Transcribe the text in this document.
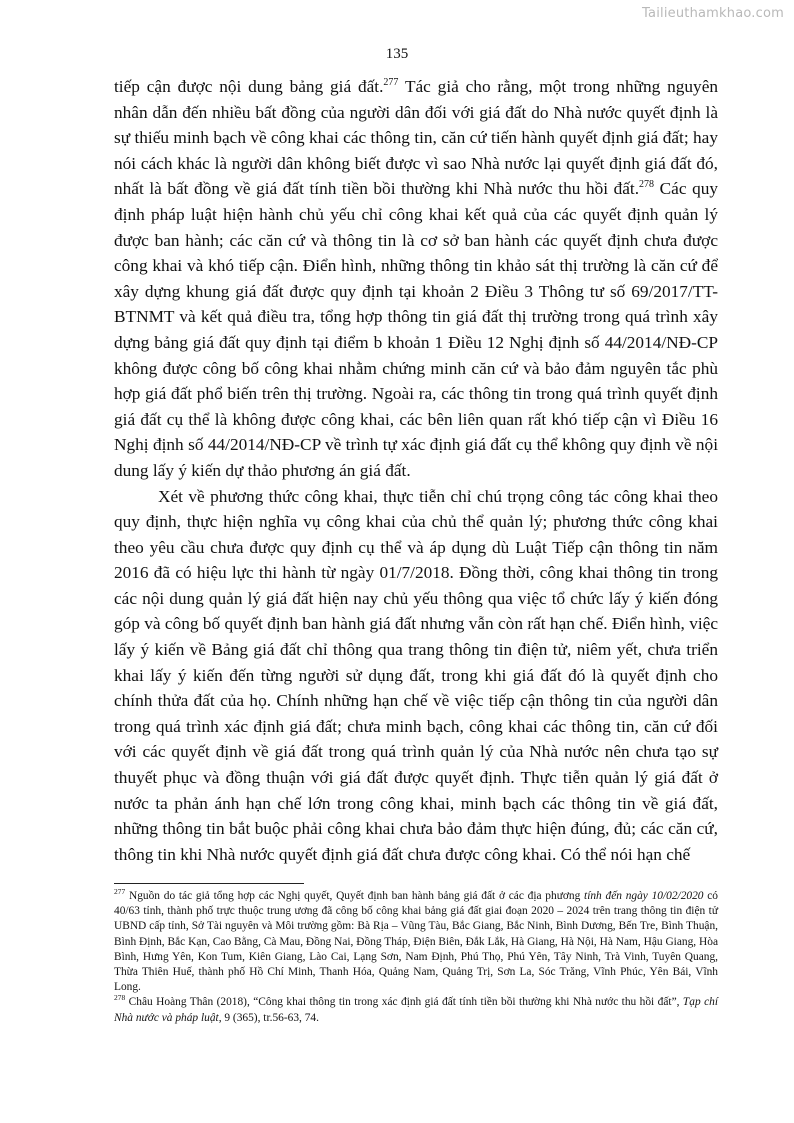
Tailieuthamkhao.com
135

tiếp cận được nội dung bảng giá đất.$^{277}$ Tác giả cho rằng, một trong những nguyên nhân dẫn đến nhiều bất đồng của người dân đối với giá đất do Nhà nước quyết định là sự thiếu minh bạch về công khai các thông tin, căn cứ tiến hành quyết định giá đất; hay nói cách khác là người dân không biết được vì sao Nhà nước lại quyết định giá đất đó, nhất là bất đồng về giá đất tính tiền bồi thường khi Nhà nước thu hồi đất.$^{278}$ Các quy định pháp luật hiện hành chủ yếu chỉ công khai kết quả của các quyết định quản lý được ban hành; các căn cứ và thông tin là cơ sở ban hành các quyết định chưa được công khai và khó tiếp cận. Điển hình, những thông tin khảo sát thị trường là căn cứ để xây dựng khung giá đất được quy định tại khoản 2 Điều 3 Thông tư số 69/2017/TT-BTNMT và kết quả điều tra, tổng hợp thông tin giá đất thị trường trong quá trình xây dựng bảng giá đất quy định tại điểm b khoản 1 Điều 12 Nghị định số 44/2014/NĐ-CP không được công bố công khai nhằm chứng minh căn cứ và bảo đảm nguyên tắc phù hợp giá đất phổ biến trên thị trường. Ngoài ra, các thông tin trong quá trình quyết định giá đất cụ thể là không được công khai, các bên liên quan rất khó tiếp cận vì Điều 16 Nghị định số 44/2014/NĐ-CP về trình tự xác định giá đất cụ thể không quy định về nội dung lấy ý kiến dự thảo phương án giá đất.

Xét về phương thức công khai, thực tiễn chỉ chú trọng công tác công khai theo quy định, thực hiện nghĩa vụ công khai của chủ thể quản lý; phương thức công khai theo yêu cầu chưa được quy định cụ thể và áp dụng dù Luật Tiếp cận thông tin năm 2016 đã có hiệu lực thi hành từ ngày 01/7/2018. Đồng thời, công khai thông tin trong các nội dung quản lý giá đất hiện nay chủ yếu thông qua việc tổ chức lấy ý kiến đóng góp và công bố quyết định ban hành giá đất nhưng vẫn còn rất hạn chế. Điển hình, việc lấy ý kiến về Bảng giá đất chỉ thông qua trang thông tin điện tử, niêm yết, chưa triển khai lấy ý kiến đến từng người sử dụng đất, trong khi giá đất đó là quyết định cho chính thửa đất của họ. Chính những hạn chế về việc tiếp cận thông tin của người dân trong quá trình xác định giá đất; chưa minh bạch, công khai các thông tin, căn cứ đối với các quyết định về giá đất trong quá trình quản lý của Nhà nước nên chưa tạo sự thuyết phục và đồng thuận với giá đất được quyết định. Thực tiễn quản lý giá đất ở nước ta phản ánh hạn chế lớn trong công khai, minh bạch các thông tin về giá đất, những thông tin bắt buộc phải công khai chưa bảo đảm thực hiện đúng, đủ; các căn cứ, thông tin khi Nhà nước quyết định giá đất chưa được công khai. Có thể nói hạn chế

$^{277}$ Nguồn do tác giả tổng hợp các Nghị quyết, Quyết định ban hành bảng giá đất ở các địa phương tính đến ngày 10/02/2020 có 40/63 tỉnh, thành phố trực thuộc trung ương đã công bố công khai bảng giá đất giai đoạn 2020 – 2024 trên trang thông tin điện tử UBND cấp tỉnh, Sở Tài nguyên và Môi trường gồm: Bà Rịa – Vũng Tàu, Bắc Giang, Bắc Ninh, Bình Dương, Bến Tre, Bình Thuận, Bình Định, Bắc Kạn, Cao Bằng, Cà Mau, Đồng Nai, Đồng Tháp, Điện Biên, Đắk Lắk, Hà Giang, Hà Nội, Hà Nam, Hậu Giang, Hòa Bình, Hưng Yên, Kon Tum, Kiên Giang, Lào Cai, Lạng Sơn, Nam Định, Phú Thọ, Phú Yên, Tây Ninh, Trà Vinh, Tuyên Quang, Thừa Thiên Huế, thành phố Hồ Chí Minh, Thanh Hóa, Quảng Nam, Quảng Trị, Sơn La, Sóc Trăng, Vĩnh Phúc, Yên Bái, Vĩnh Long.

$^{278}$ Châu Hoàng Thân (2018), “Công khai thông tin trong xác định giá đất tính tiền bồi thường khi Nhà nước thu hồi đất”, Tạp chí Nhà nước và pháp luật, 9 (365), tr.56-63, 74.
